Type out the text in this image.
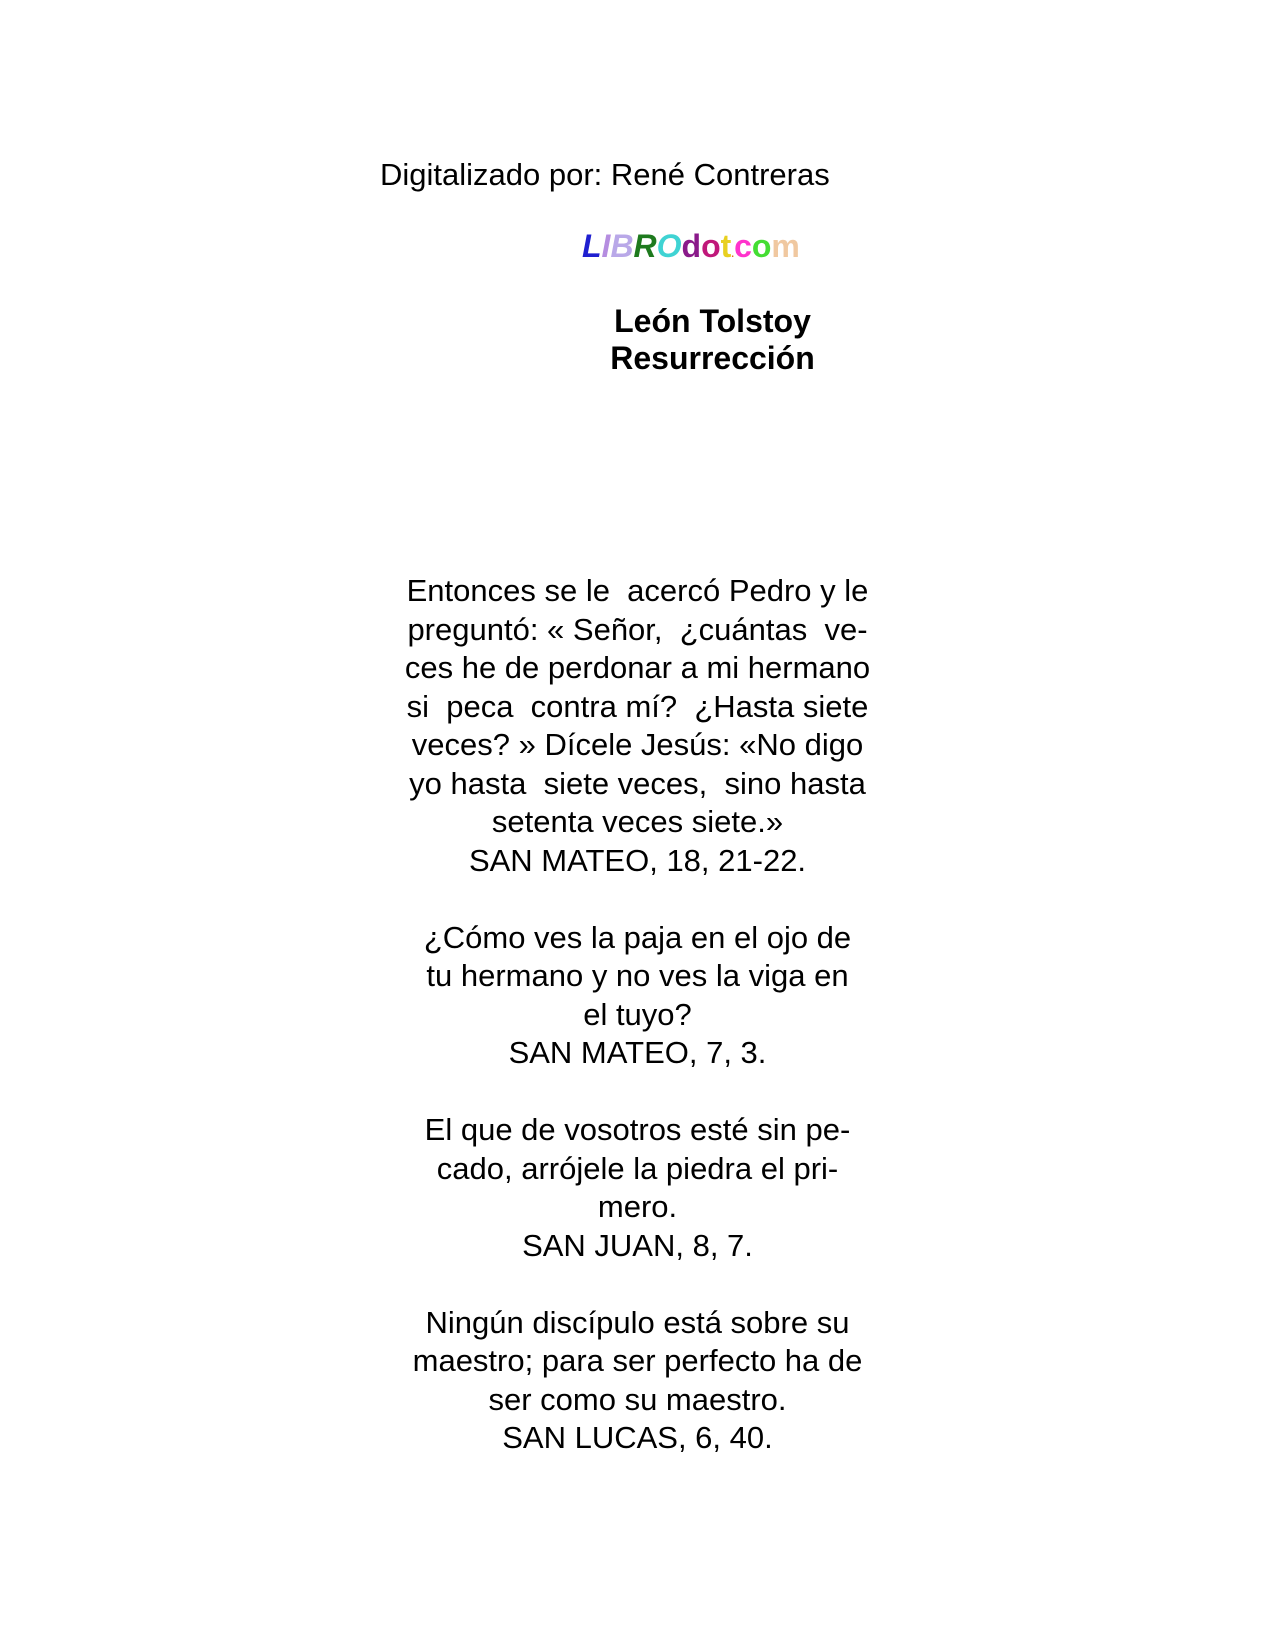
Digitalizado por: René Contreras
LIBROdot.com
León Tolstoy
Resurrección
Entonces se le  acercó Pedro y le
preguntó: « Señor,  ¿cuántas  ve-
ces he de perdonar a mi hermano
si  peca  contra mí?  ¿Hasta siete
veces? » Dícele Jesús: «No digo
yo hasta  siete veces,  sino hasta
setenta veces siete.»
SAN MATEO, 18, 21-22.
¿Cómo ves la paja en el ojo de
tu hermano y no ves la viga en
el tuyo?
SAN MATEO, 7, 3.
El que de vosotros esté sin pe-
cado, arrójele la piedra el pri-
mero.
SAN JUAN, 8, 7.
Ningún discípulo está sobre su
maestro; para ser perfecto ha de
ser como su maestro.
SAN LUCAS, 6, 40.
